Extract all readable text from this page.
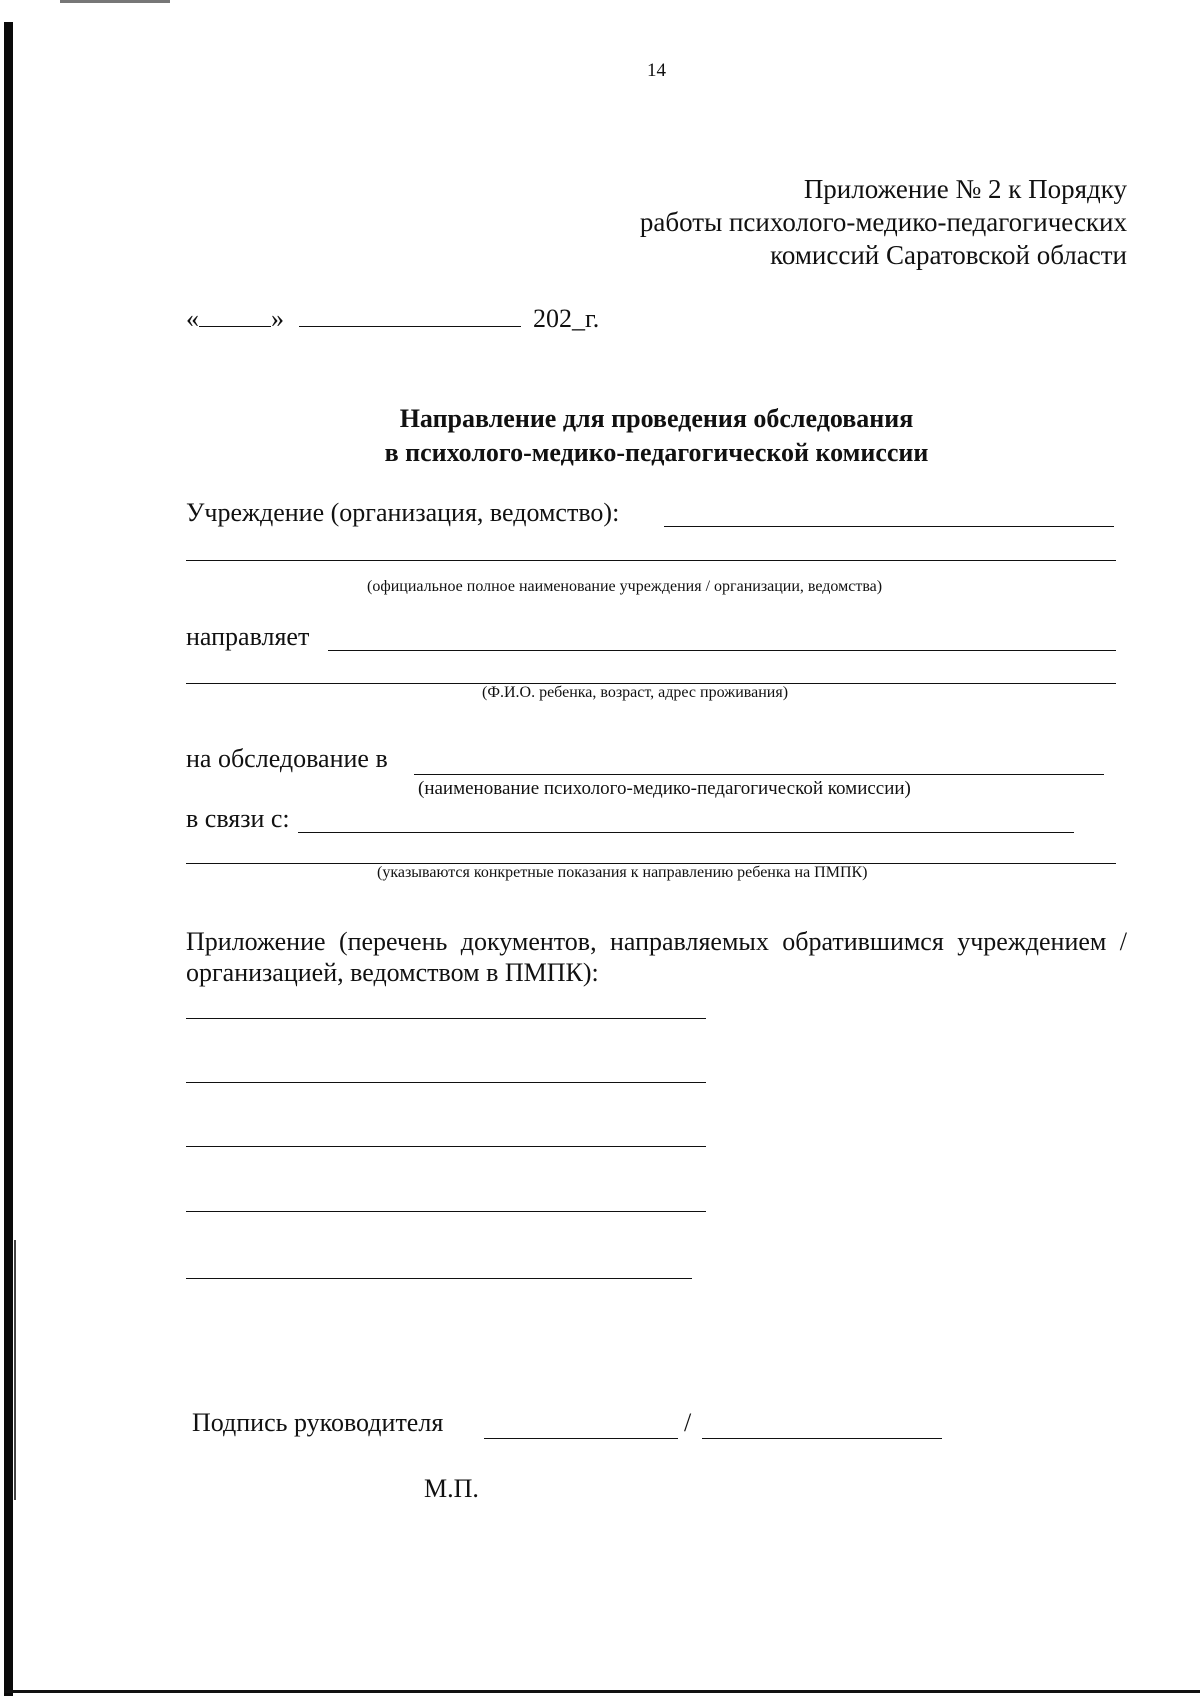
14
Приложение № 2 к Порядку
работы психолого-медико-педагогических
комиссий Саратовской области
«	»	202_г.
Направление для проведения обследования
в психолого-медико-педагогической комиссии
Учреждение (организация, ведомство):
(официальное полное наименование учреждения / организации, ведомства)
направляет
(Ф.И.О. ребенка, возраст, адрес проживания)
на обследование в
(наименование психолого-медико-педагогической комиссии)
в связи с:
(указываются конкретные показания к направлению ребенка на ПМПК)
Приложение (перечень документов, направляемых обратившимся учреждением / организацией, ведомством в ПМПК):
Подпись руководителя	/
М.П.
